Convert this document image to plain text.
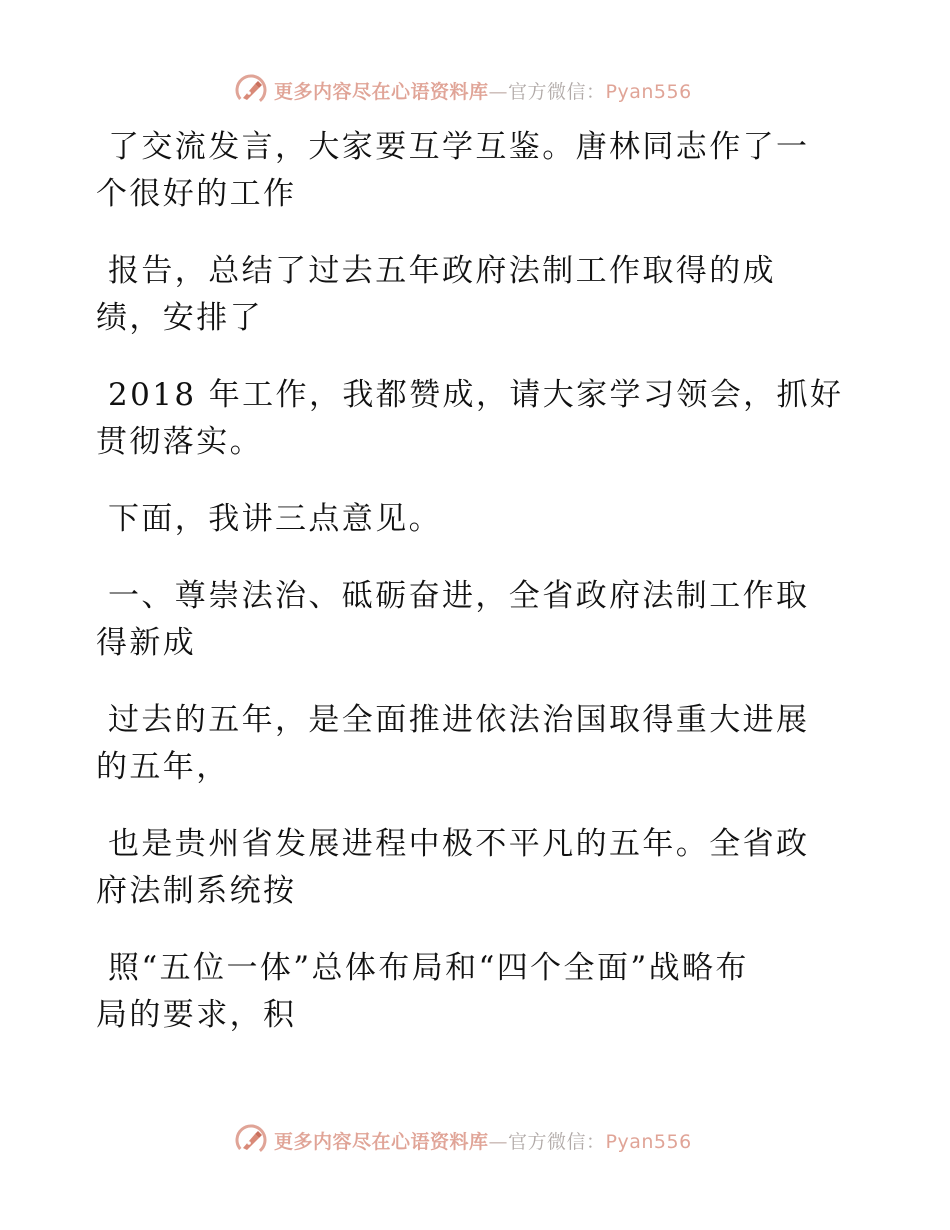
更多内容尽在心语资料库—官方微信：Pyan556

了交流发言，大家要互学互鉴。唐林同志作了一
个很好的工作

报告，总结了过去五年政府法制工作取得的成
绩，安排了

2018 年工作，我都赞成，请大家学习领会，抓好
贯彻落实。

下面，我讲三点意见。

一、尊崇法治、砥砺奋进，全省政府法制工作取
得新成

过去的五年，是全面推进依法治国取得重大进展
的五年，

也是贵州省发展进程中极不平凡的五年。全省政
府法制系统按

照“五位一体”总体布局和“四个全面”战略布
局的要求，积

更多内容尽在心语资料库—官方微信：Pyan556
